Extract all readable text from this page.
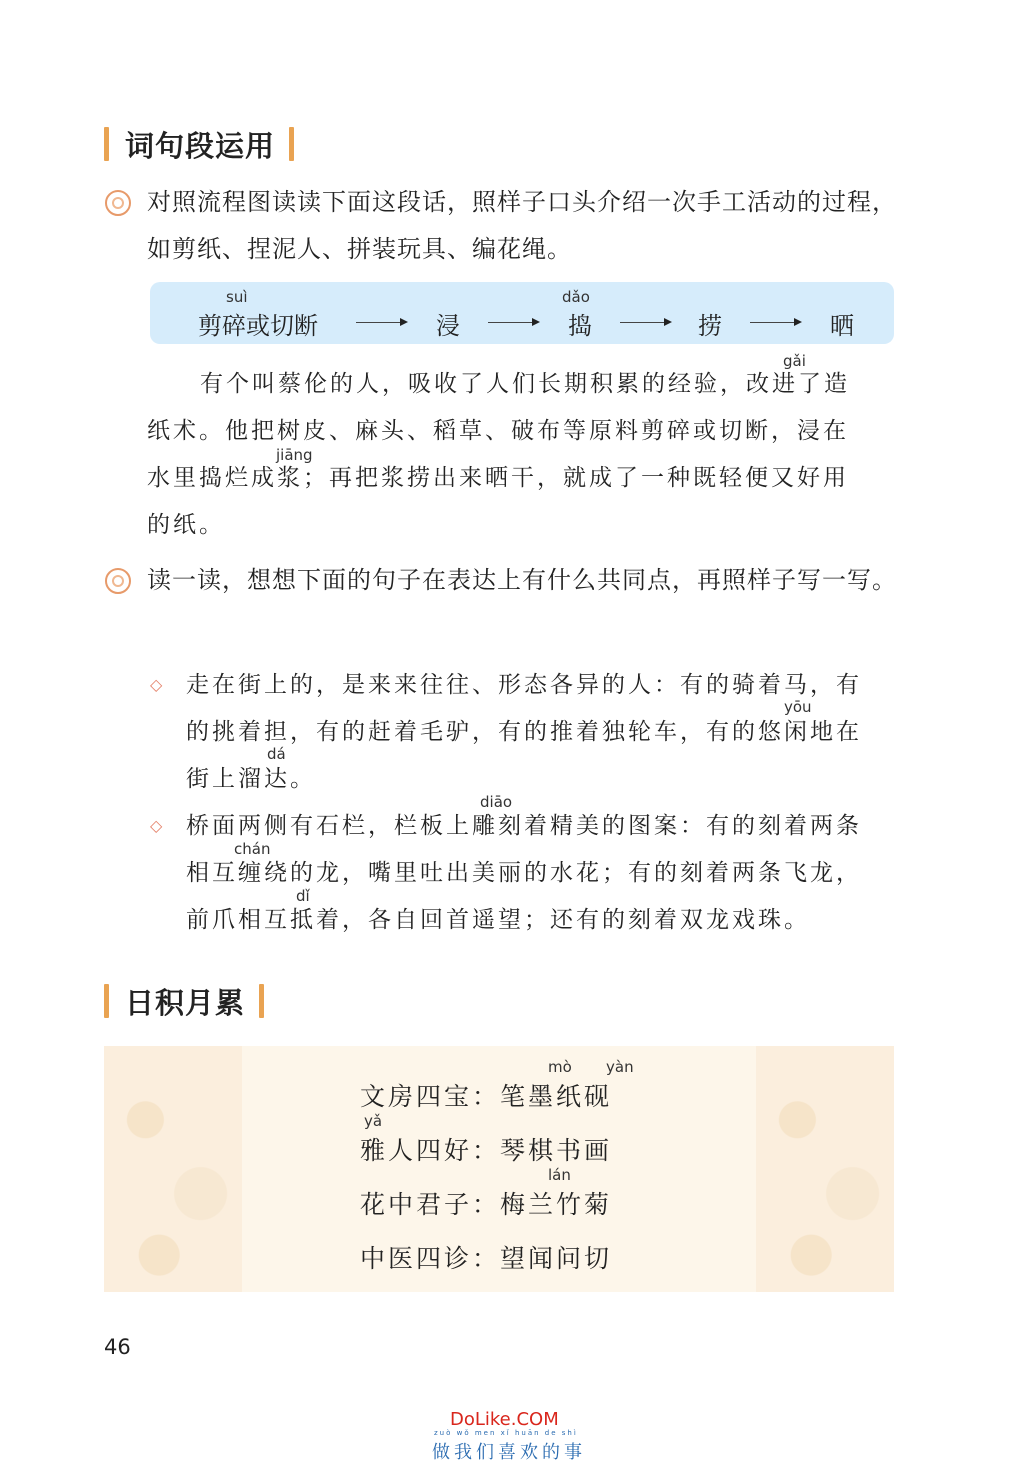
词句段运用
对照流程图读读下面这段话，照样子口头介绍一次手工活动的过程，如剪纸、捏泥人、拼装玩具、编花绳。
suì
剪碎或切断	浸
dǎo
捣	捞	晒
gǎi
jiāng
有个叫蔡伦的人，吸收了人们长期积累的经验，改进了造
纸术。他把树皮、麻头、稻草、破布等原料剪碎或切断，浸在
水里捣烂成浆；再把浆捞出来晒干，就成了一种既轻便又好用
的纸。
读一读，想想下面的句子在表达上有什么共同点，再照样子写一写。
◇
yōu
dá
走在街上的，是来来往往、形态各异的人：有的骑着马，有
的挑着担，有的赶着毛驴，有的推着独轮车，有的悠闲地在
街上溜达。
◇
diāo
chán
dǐ
桥面两侧有石栏，栏板上雕刻着精美的图案：有的刻着两条
相互缠绕的龙，嘴里吐出美丽的水花；有的刻着两条飞龙，
前爪相互抵着，各自回首遥望；还有的刻着双龙戏珠。
日积月累
mò yàn
yǎ
lán
文房四宝：笔墨纸砚
雅人四好：琴棋书画
花中君子：梅兰竹菊
中医四诊：望闻问切
46
DoLike.COM
zuò wǒ men xǐ huān de shì
做我们喜欢的事
